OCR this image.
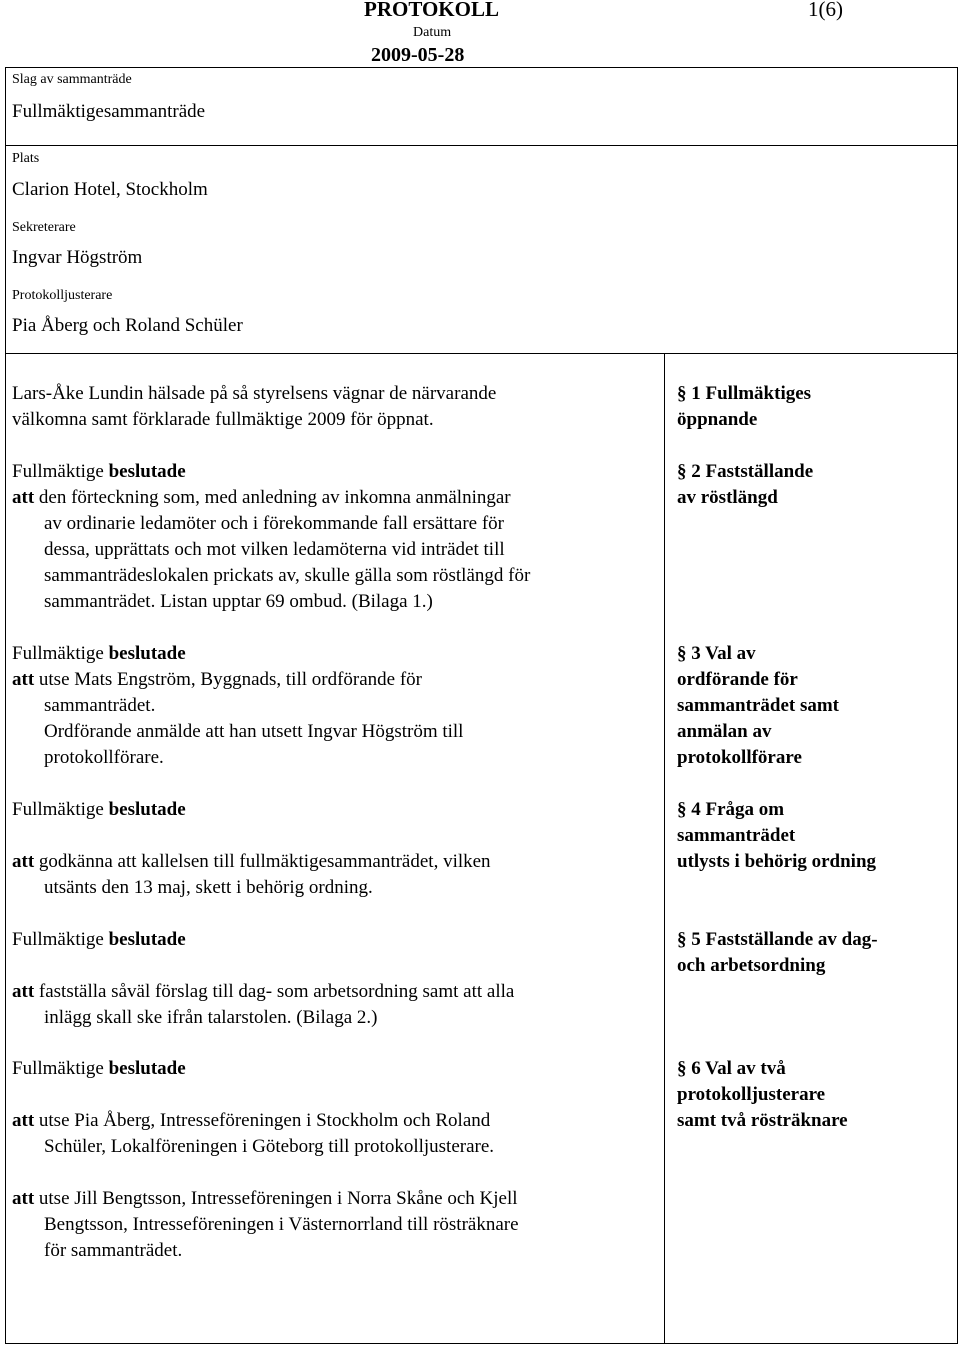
PROTOKOLL	1(6)
Datum
2009-05-28
Slag av sammanträde
Fullmäktigesammanträde
Plats
Clarion Hotel, Stockholm
Sekreterare
Ingvar Högström
Protokolljusterare
Pia Åberg och Roland Schüler
Lars-Åke Lundin hälsade på så styrelsens vägnar de närvarande
välkomna samt förklarade fullmäktige 2009 för öppnat.
Fullmäktige beslutade
att den förteckning som, med anledning av inkomna anmälningar
av ordinarie ledamöter och i förekommande fall ersättare för
dessa, upprättats och mot vilken ledamöterna vid inträdet till
sammanträdeslokalen prickats av, skulle gälla som röstlängd för
sammanträdet. Listan upptar 69 ombud. (Bilaga 1.)
Fullmäktige beslutade
att utse Mats Engström, Byggnads, till ordförande för
sammanträdet.
Ordförande anmälde att han utsett Ingvar Högström till
protokollförare.
Fullmäktige beslutade
att godkänna att kallelsen till fullmäktigesammanträdet, vilken
utsänts den 13 maj, skett i behörig ordning.
Fullmäktige beslutade
att fastställa såväl förslag till dag- som arbetsordning samt att alla
inlägg skall ske ifrån talarstolen. (Bilaga 2.)
Fullmäktige beslutade
att utse Pia Åberg, Intresseföreningen i Stockholm och Roland
Schüler, Lokalföreningen i Göteborg till protokolljusterare.
att utse Jill Bengtsson, Intresseföreningen i Norra Skåne och Kjell
Bengtsson, Intresseföreningen i Västernorrland till rösträknare
för sammanträdet.
§ 1 Fullmäktiges
öppnande
§ 2 Fastställande
av röstlängd
§ 3 Val av
ordförande för
sammanträdet samt
anmälan av
protokollförare
§ 4 Fråga om
sammanträdet
utlysts i behörig ordning
§ 5 Fastställande av dag-
och arbetsordning
§ 6 Val av två
protokolljusterare
samt två rösträknare
